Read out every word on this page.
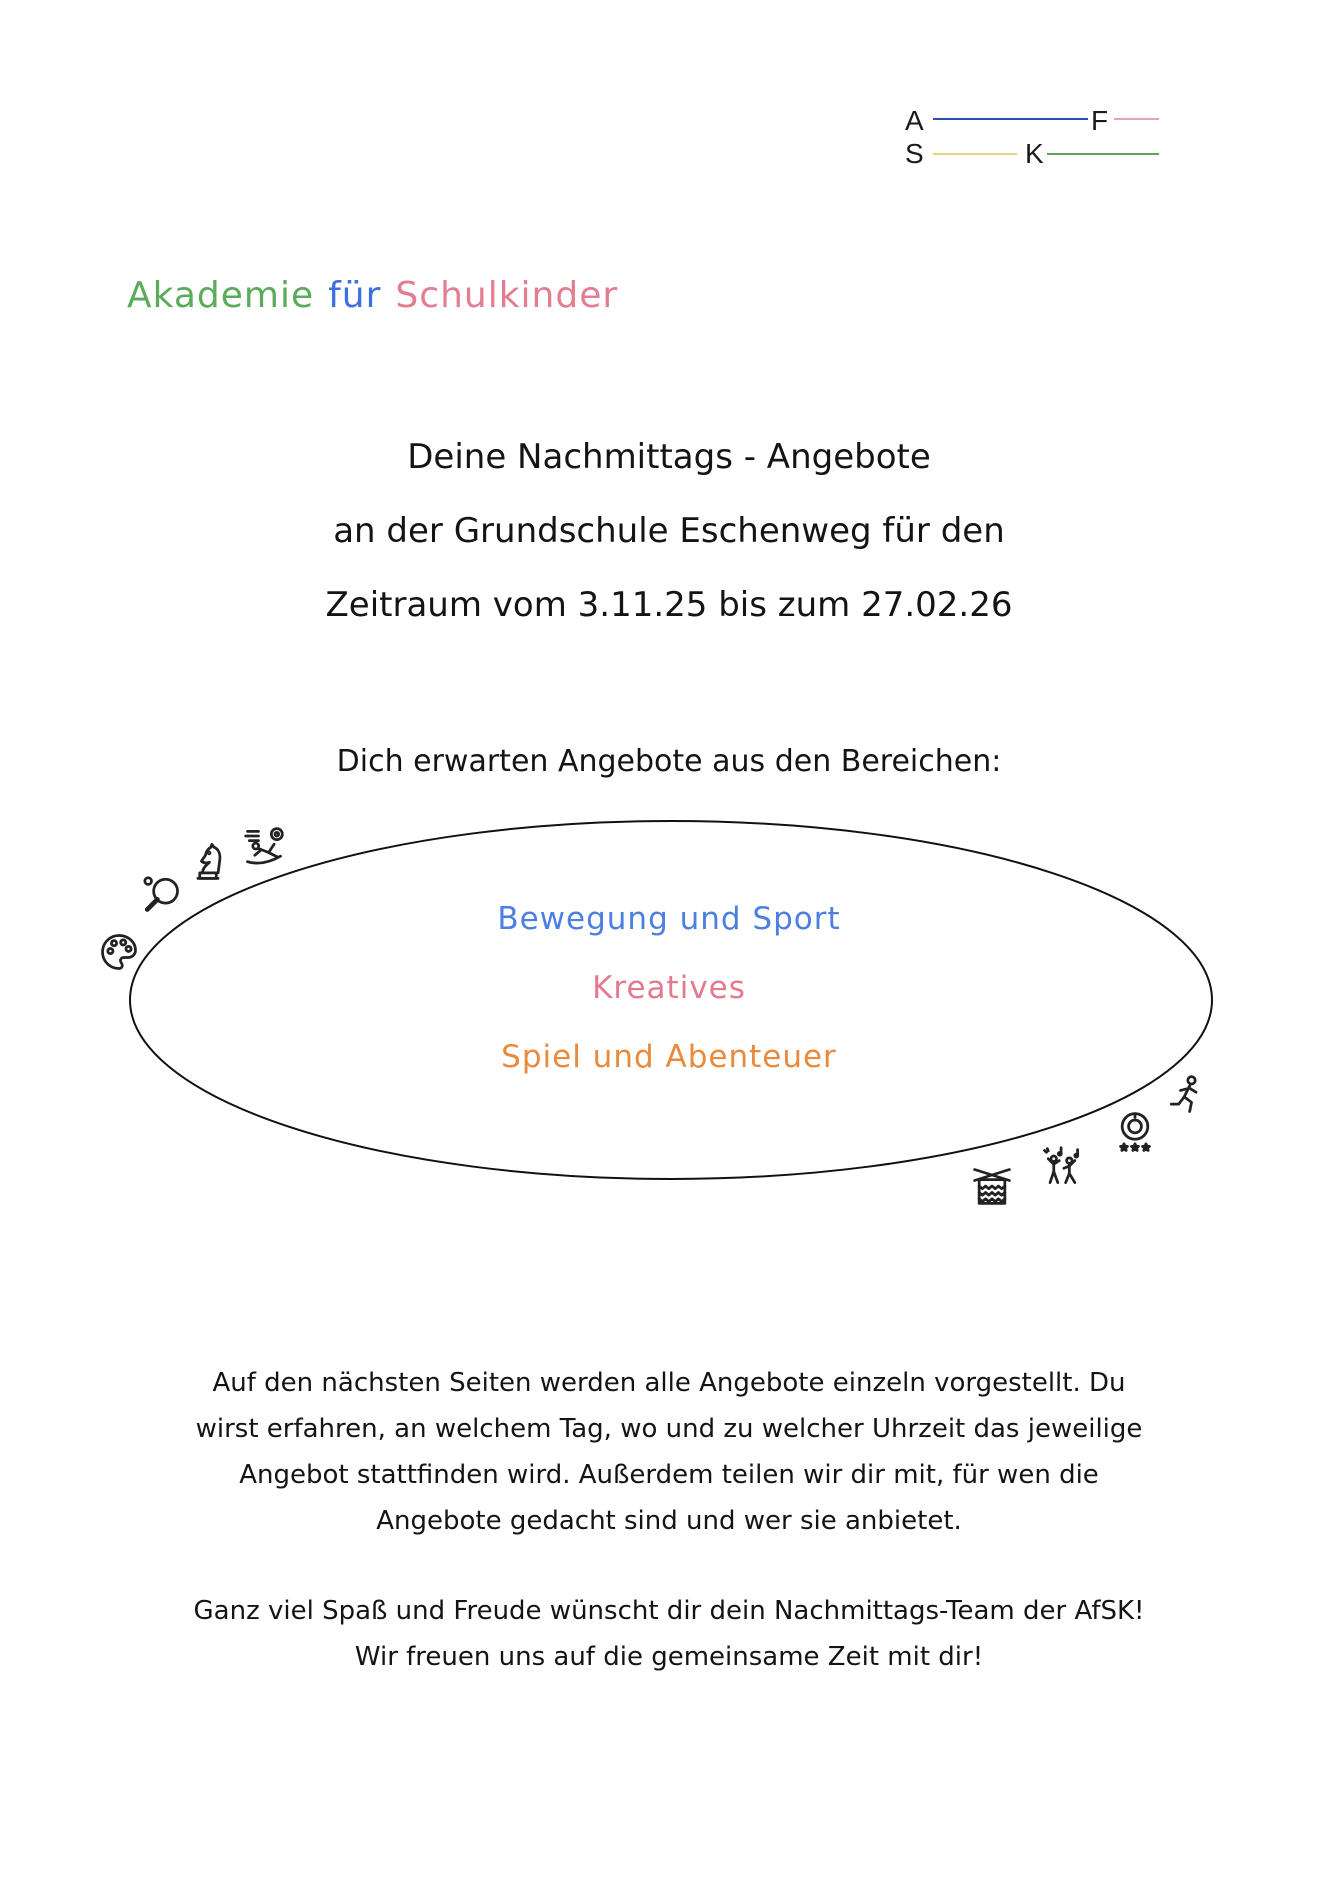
A	F
S	K
Akademie für Schulkinder
Deine Nachmittags - Angebote
an der Grundschule Eschenweg für den
Zeitraum vom 3.11.25 bis zum 27.02.26
Dich erwarten Angebote aus den Bereichen:
Bewegung und Sport
Kreatives
Spiel und Abenteuer
Auf den nächsten Seiten werden alle Angebote einzeln vorgestellt. Du
wirst erfahren, an welchem Tag, wo und zu welcher Uhrzeit das jeweilige
Angebot stattfinden wird. Außerdem teilen wir dir mit, für wen die
Angebote gedacht sind und wer sie anbietet.
Ganz viel Spaß und Freude wünscht dir dein Nachmittags-Team der AfSK!
Wir freuen uns auf die gemeinsame Zeit mit dir!
